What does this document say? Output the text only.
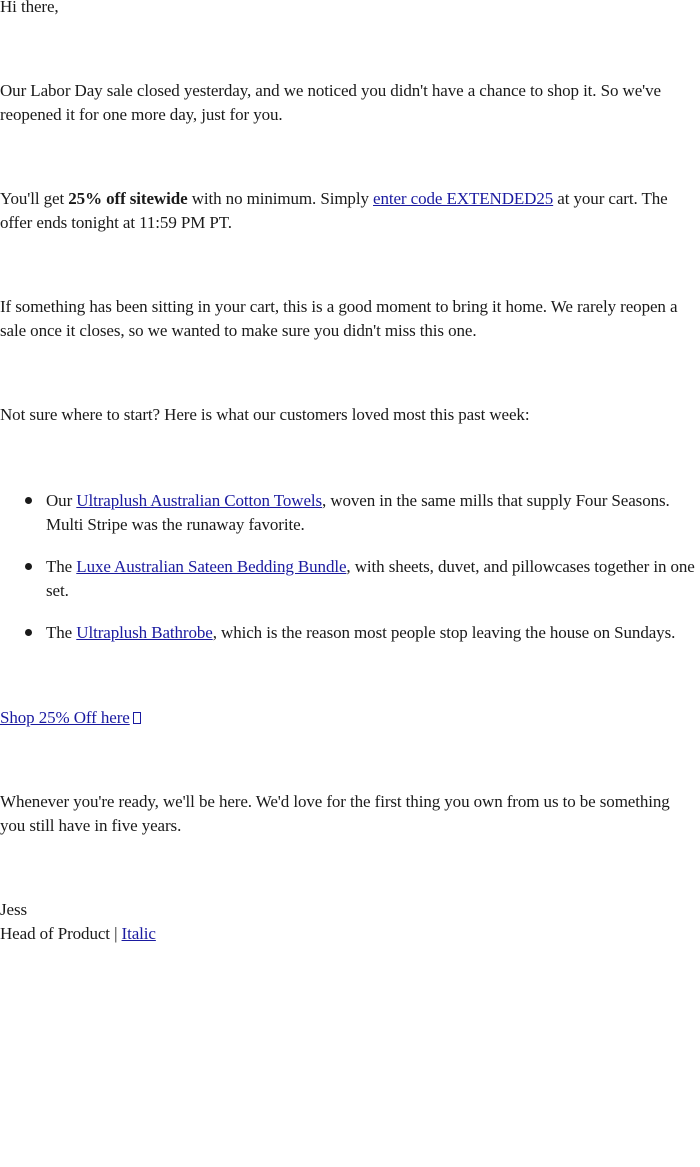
Hi there,

Our Labor Day sale closed yesterday, and we noticed you didn't have a chance to shop it. So we've reopened it for one more day, just for you.

You'll get 25% off sitewide with no minimum. Simply enter code EXTENDED25 at your cart. The offer ends tonight at 11:59 PM PT.

If something has been sitting in your cart, this is a good moment to bring it home. We rarely reopen a sale once it closes, so we wanted to make sure you didn't miss this one.

Not sure where to start? Here is what our customers loved most this past week:

Our Ultraplush Australian Cotton Towels, woven in the same mills that supply Four Seasons. Multi Stripe was the runaway favorite.
The Luxe Australian Sateen Bedding Bundle, with sheets, duvet, and pillowcases together in one set.
The Ultraplush Bathrobe, which is the reason most people stop leaving the house on Sundays.

Shop 25% Off here

Whenever you're ready, we'll be here. We'd love for the first thing you own from us to be something you still have in five years.

Jess
Head of Product | Italic
